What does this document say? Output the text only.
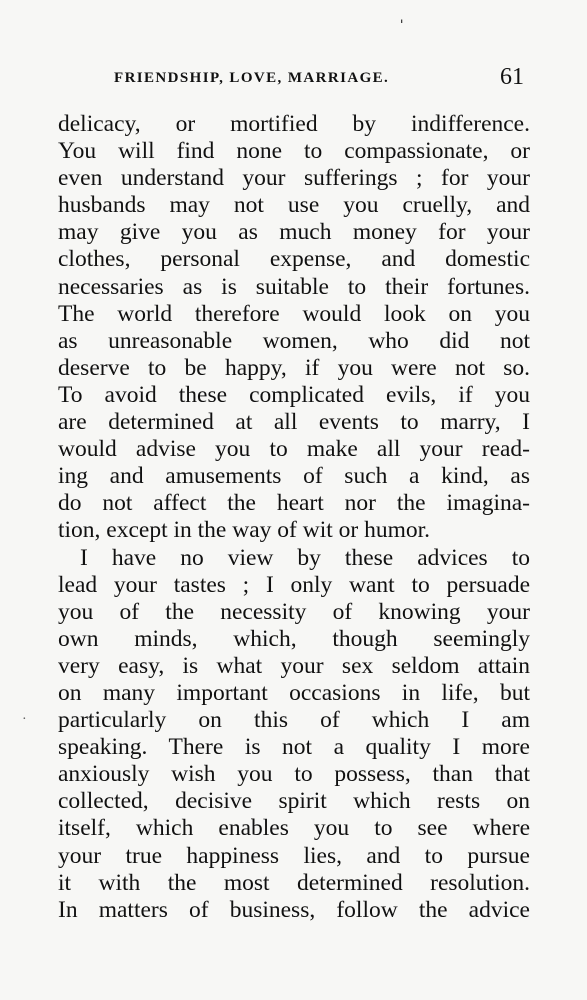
ˌ
FRIENDSHIP, LOVE, MARRIAGE.	61
delicacy, or mortified by indifference.
You will find none to compassionate, or
even understand your sufferings ; for your
husbands may not use you cruelly, and
may give you as much money for your
clothes, personal expense, and domestic
necessaries as is suitable to their fortunes.
The world therefore would look on you
as unreasonable women, who did not
deserve to be happy, if you were not so.
To avoid these complicated evils, if you
are determined at all events to marry, I
would advise you to make all your read-
ing and amusements of such a kind, as
do not affect the heart nor the imagina-
tion, except in the way of wit or humor.
I have no view by these advices to
lead your tastes ; I only want to persuade
you of the necessity of knowing your
own minds, which, though seemingly
very easy, is what your sex seldom attain
on many important occasions in life, but
particularly on this of which I am
speaking. There is not a quality I more
anxiously wish you to possess, than that
collected, decisive spirit which rests on
itself, which enables you to see where
your true happiness lies, and to pursue
it with the most determined resolution.
In matters of business, follow the advice
·
